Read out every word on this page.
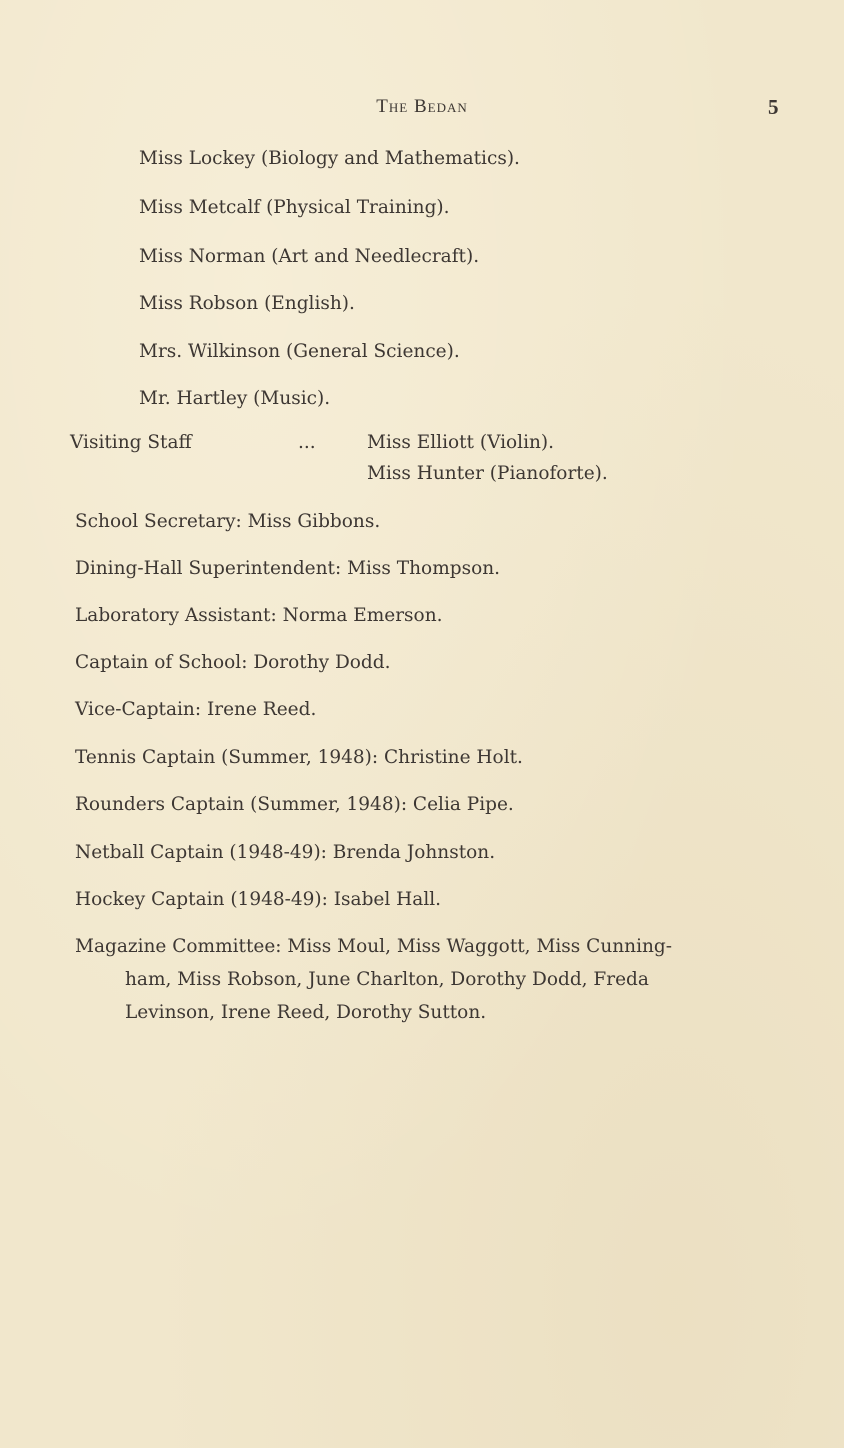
The Bedan	5
Miss Lockey (Biology and Mathematics).
Miss Metcalf (Physical Training).
Miss Norman (Art and Needlecraft).
Miss Robson (English).
Mrs. Wilkinson (General Science).
Mr. Hartley (Music).
Visiting Staff	...	Miss Elliott (Violin).
Miss Hunter (Pianoforte).
School Secretary: Miss Gibbons.
Dining-Hall Superintendent: Miss Thompson.
Laboratory Assistant: Norma Emerson.
Captain of School: Dorothy Dodd.
Vice-Captain: Irene Reed.
Tennis Captain (Summer, 1948): Christine Holt.
Rounders Captain (Summer, 1948): Celia Pipe.
Netball Captain (1948-49): Brenda Johnston.
Hockey Captain (1948-49): Isabel Hall.
Magazine Committee: Miss Moul, Miss Waggott, Miss Cunning-
ham, Miss Robson, June Charlton, Dorothy Dodd, Freda
Levinson, Irene Reed, Dorothy Sutton.
